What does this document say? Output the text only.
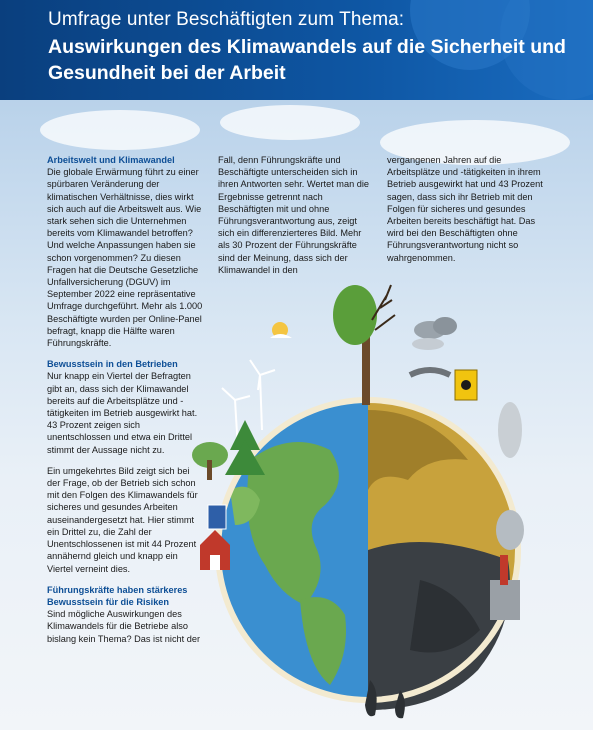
Umfrage unter Beschäftigten zum Thema:
Auswirkungen des Klimawandels auf die Sicherheit und Gesundheit bei der Arbeit
Arbeitswelt und Klimawandel

Die globale Erwärmung führt zu einer spürbaren Veränderung der klimatischen Verhältnisse, dies wirkt sich auch auf die Arbeitswelt aus. Wie stark sehen sich die Unternehmen bereits vom Klimawandel betroffen? Und welche Anpassungen haben sie schon vorgenommen? Zu diesen Fragen hat die Deutsche Gesetzliche Unfallversicherung (DGUV) im September 2022 eine repräsentative Umfrage durchgeführt. Mehr als 1.000 Beschäftigte wurden per Online-Panel befragt, knapp die Hälfte waren Führungskräfte.

Bewusstsein in den Betrieben

Nur knapp ein Viertel der Befragten gibt an, dass sich der Klimawandel bereits auf die Arbeitsplätze und -tätigkeiten im Betrieb ausgewirkt hat. 43 Prozent zeigen sich unentschlossen und etwa ein Drittel stimmt der Aussage nicht zu.

Ein umgekehrtes Bild zeigt sich bei der Frage, ob der Betrieb sich schon mit den Folgen des Klimawandels für sicheres und gesundes Arbeiten auseinandergesetzt hat. Hier stimmt ein Drittel zu, die Zahl der Unentschlossenen ist mit 44 Prozent annähernd gleich und knapp ein Viertel verneint dies.

Führungskräfte haben stärkeres Bewusstsein für die Risiken

Sind mögliche Auswirkungen des Klimawandels für die Betriebe also bislang kein Thema? Das ist nicht der

Fall, denn Führungskräfte und Beschäftigte unterscheiden sich in ihren Antworten sehr. Wertet man die Ergebnisse getrennt nach Beschäftigten mit und ohne Führungsverantwortung aus, zeigt sich ein differenzierteres Bild. Mehr als 30 Prozent der Führungskräfte sind der Meinung, dass sich der Klimawandel in den

vergangenen Jahren auf die Arbeitsplätze und -tätigkeiten in ihrem Betrieb ausgewirkt hat und 43 Prozent sagen, dass sich ihr Betrieb mit den Folgen für sicheres und gesundes Arbeiten bereits beschäftigt hat. Das wird bei den Beschäftigten ohne Führungsverantwortung nicht so wahrgenommen.
